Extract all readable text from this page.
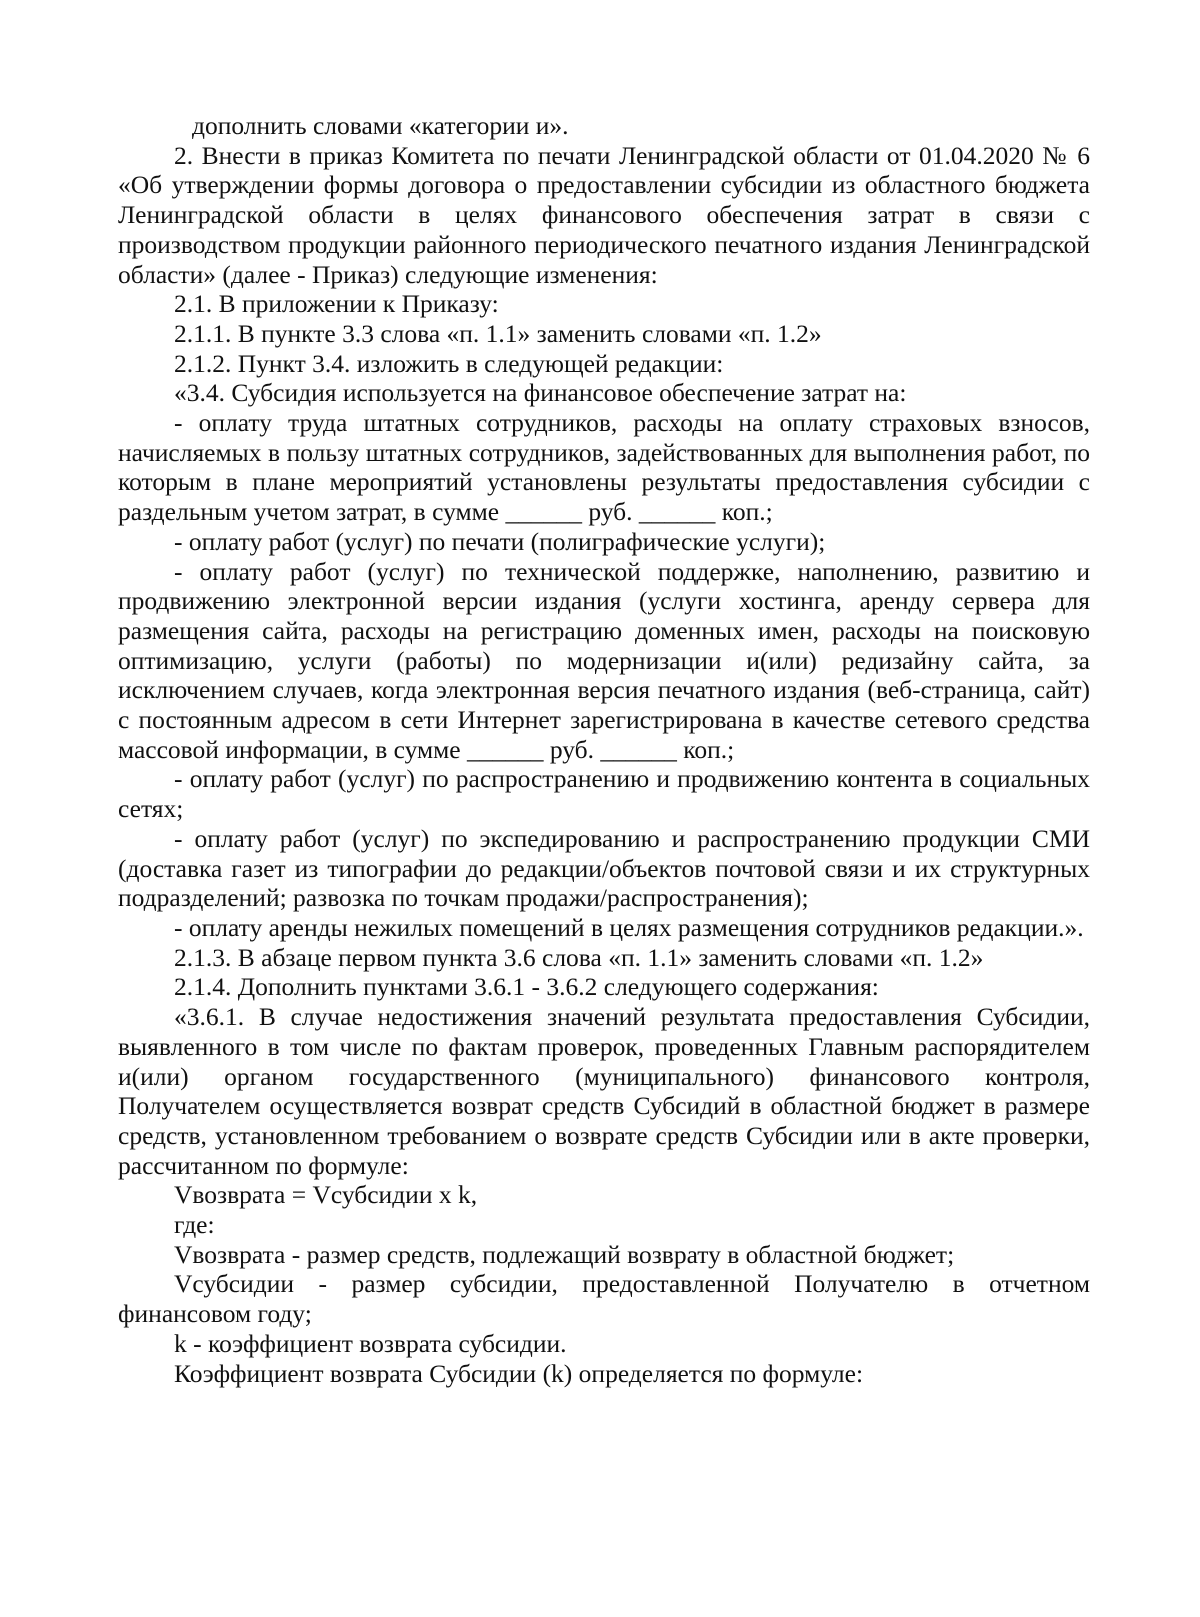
дополнить словами «категории и».

2. Внести в приказ Комитета по печати Ленинградской области от 01.04.2020 № 6 «Об утверждении формы договора о предоставлении субсидии из областного бюджета Ленинградской области в целях финансового обеспечения затрат в связи с производством продукции районного периодического печатного издания Ленинградской области» (далее - Приказ) следующие изменения:

2.1. В приложении к Приказу:

2.1.1. В пункте 3.3 слова «п. 1.1» заменить словами «п. 1.2»

2.1.2. Пункт 3.4. изложить в следующей редакции:

«3.4. Субсидия используется на финансовое обеспечение затрат на:

- оплату труда штатных сотрудников, расходы на оплату страховых взносов, начисляемых в пользу штатных сотрудников, задействованных для выполнения работ, по которым в плане мероприятий установлены результаты предоставления субсидии с раздельным учетом затрат, в сумме ______ руб. ______ коп.;

- оплату работ (услуг) по печати (полиграфические услуги);

- оплату работ (услуг) по технической поддержке, наполнению, развитию и продвижению электронной версии издания (услуги хостинга, аренду сервера для размещения сайта, расходы на регистрацию доменных имен, расходы на поисковую оптимизацию, услуги (работы) по модернизации и(или) редизайну сайта, за исключением случаев, когда электронная версия печатного издания (веб-страница, сайт) с постоянным адресом в сети Интернет зарегистрирована в качестве сетевого средства массовой информации, в сумме ______ руб. ______ коп.;

- оплату работ (услуг) по распространению и продвижению контента в социальных сетях;

- оплату работ (услуг) по экспедированию и распространению продукции СМИ (доставка газет из типографии до редакции/объектов почтовой связи и их структурных подразделений; развозка по точкам продажи/распространения);

- оплату аренды нежилых помещений в целях размещения сотрудников редакции.».

2.1.3. В абзаце первом пункта 3.6 слова «п. 1.1» заменить словами «п. 1.2»

2.1.4. Дополнить пунктами 3.6.1 - 3.6.2 следующего содержания:

«3.6.1. В случае недостижения значений результата предоставления Субсидии, выявленного в том числе по фактам проверок, проведенных Главным распорядителем и(или) органом государственного (муниципального) финансового контроля, Получателем осуществляется возврат средств Субсидий в областной бюджет в размере средств, установленном требованием о возврате средств Субсидии или в акте проверки, рассчитанном по формуле:

Vвозврата = Vсубсидии x k,

где:

Vвозврата - размер средств, подлежащий возврату в областной бюджет;

Vсубсидии - размер субсидии, предоставленной Получателю в отчетном финансовом году;

k - коэффициент возврата субсидии.

Коэффициент возврата Субсидии (k) определяется по формуле:
